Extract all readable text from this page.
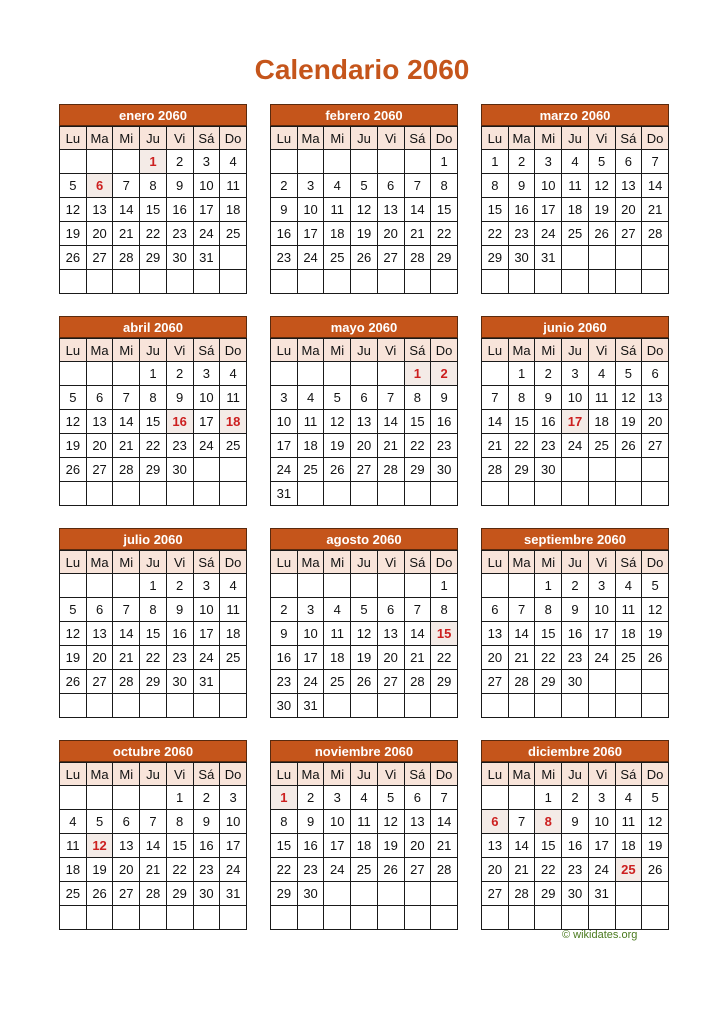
Calendario 2060
enero 2060
Lu	Ma	Mi	Ju	Vi	Sá	Do
			1	2	3	4
5	6	7	8	9	10	11
12	13	14	15	16	17	18
19	20	21	22	23	24	25
26	27	28	29	30	31	

febrero 2060
Lu	Ma	Mi	Ju	Vi	Sá	Do
						1
2	3	4	5	6	7	8
9	10	11	12	13	14	15
16	17	18	19	20	21	22
23	24	25	26	27	28	29

marzo 2060
Lu	Ma	Mi	Ju	Vi	Sá	Do
1	2	3	4	5	6	7
8	9	10	11	12	13	14
15	16	17	18	19	20	21
22	23	24	25	26	27	28
29	30	31				

abril 2060
Lu	Ma	Mi	Ju	Vi	Sá	Do
			1	2	3	4
5	6	7	8	9	10	11
12	13	14	15	16	17	18
19	20	21	22	23	24	25
26	27	28	29	30		

mayo 2060
Lu	Ma	Mi	Ju	Vi	Sá	Do
					1	2
3	4	5	6	7	8	9
10	11	12	13	14	15	16
17	18	19	20	21	22	23
24	25	26	27	28	29	30
31						
junio 2060
Lu	Ma	Mi	Ju	Vi	Sá	Do
	1	2	3	4	5	6
7	8	9	10	11	12	13
14	15	16	17	18	19	20
21	22	23	24	25	26	27
28	29	30				

julio 2060
Lu	Ma	Mi	Ju	Vi	Sá	Do
			1	2	3	4
5	6	7	8	9	10	11
12	13	14	15	16	17	18
19	20	21	22	23	24	25
26	27	28	29	30	31	

agosto 2060
Lu	Ma	Mi	Ju	Vi	Sá	Do
						1
2	3	4	5	6	7	8
9	10	11	12	13	14	15
16	17	18	19	20	21	22
23	24	25	26	27	28	29
30	31					
septiembre 2060
Lu	Ma	Mi	Ju	Vi	Sá	Do
		1	2	3	4	5
6	7	8	9	10	11	12
13	14	15	16	17	18	19
20	21	22	23	24	25	26
27	28	29	30			

octubre 2060
Lu	Ma	Mi	Ju	Vi	Sá	Do
				1	2	3
4	5	6	7	8	9	10
11	12	13	14	15	16	17
18	19	20	21	22	23	24
25	26	27	28	29	30	31

noviembre 2060
Lu	Ma	Mi	Ju	Vi	Sá	Do
1	2	3	4	5	6	7
8	9	10	11	12	13	14
15	16	17	18	19	20	21
22	23	24	25	26	27	28
29	30					

diciembre 2060
Lu	Ma	Mi	Ju	Vi	Sá	Do
		1	2	3	4	5
6	7	8	9	10	11	12
13	14	15	16	17	18	19
20	21	22	23	24	25	26
27	28	29	30	31		

© wikidates.org
